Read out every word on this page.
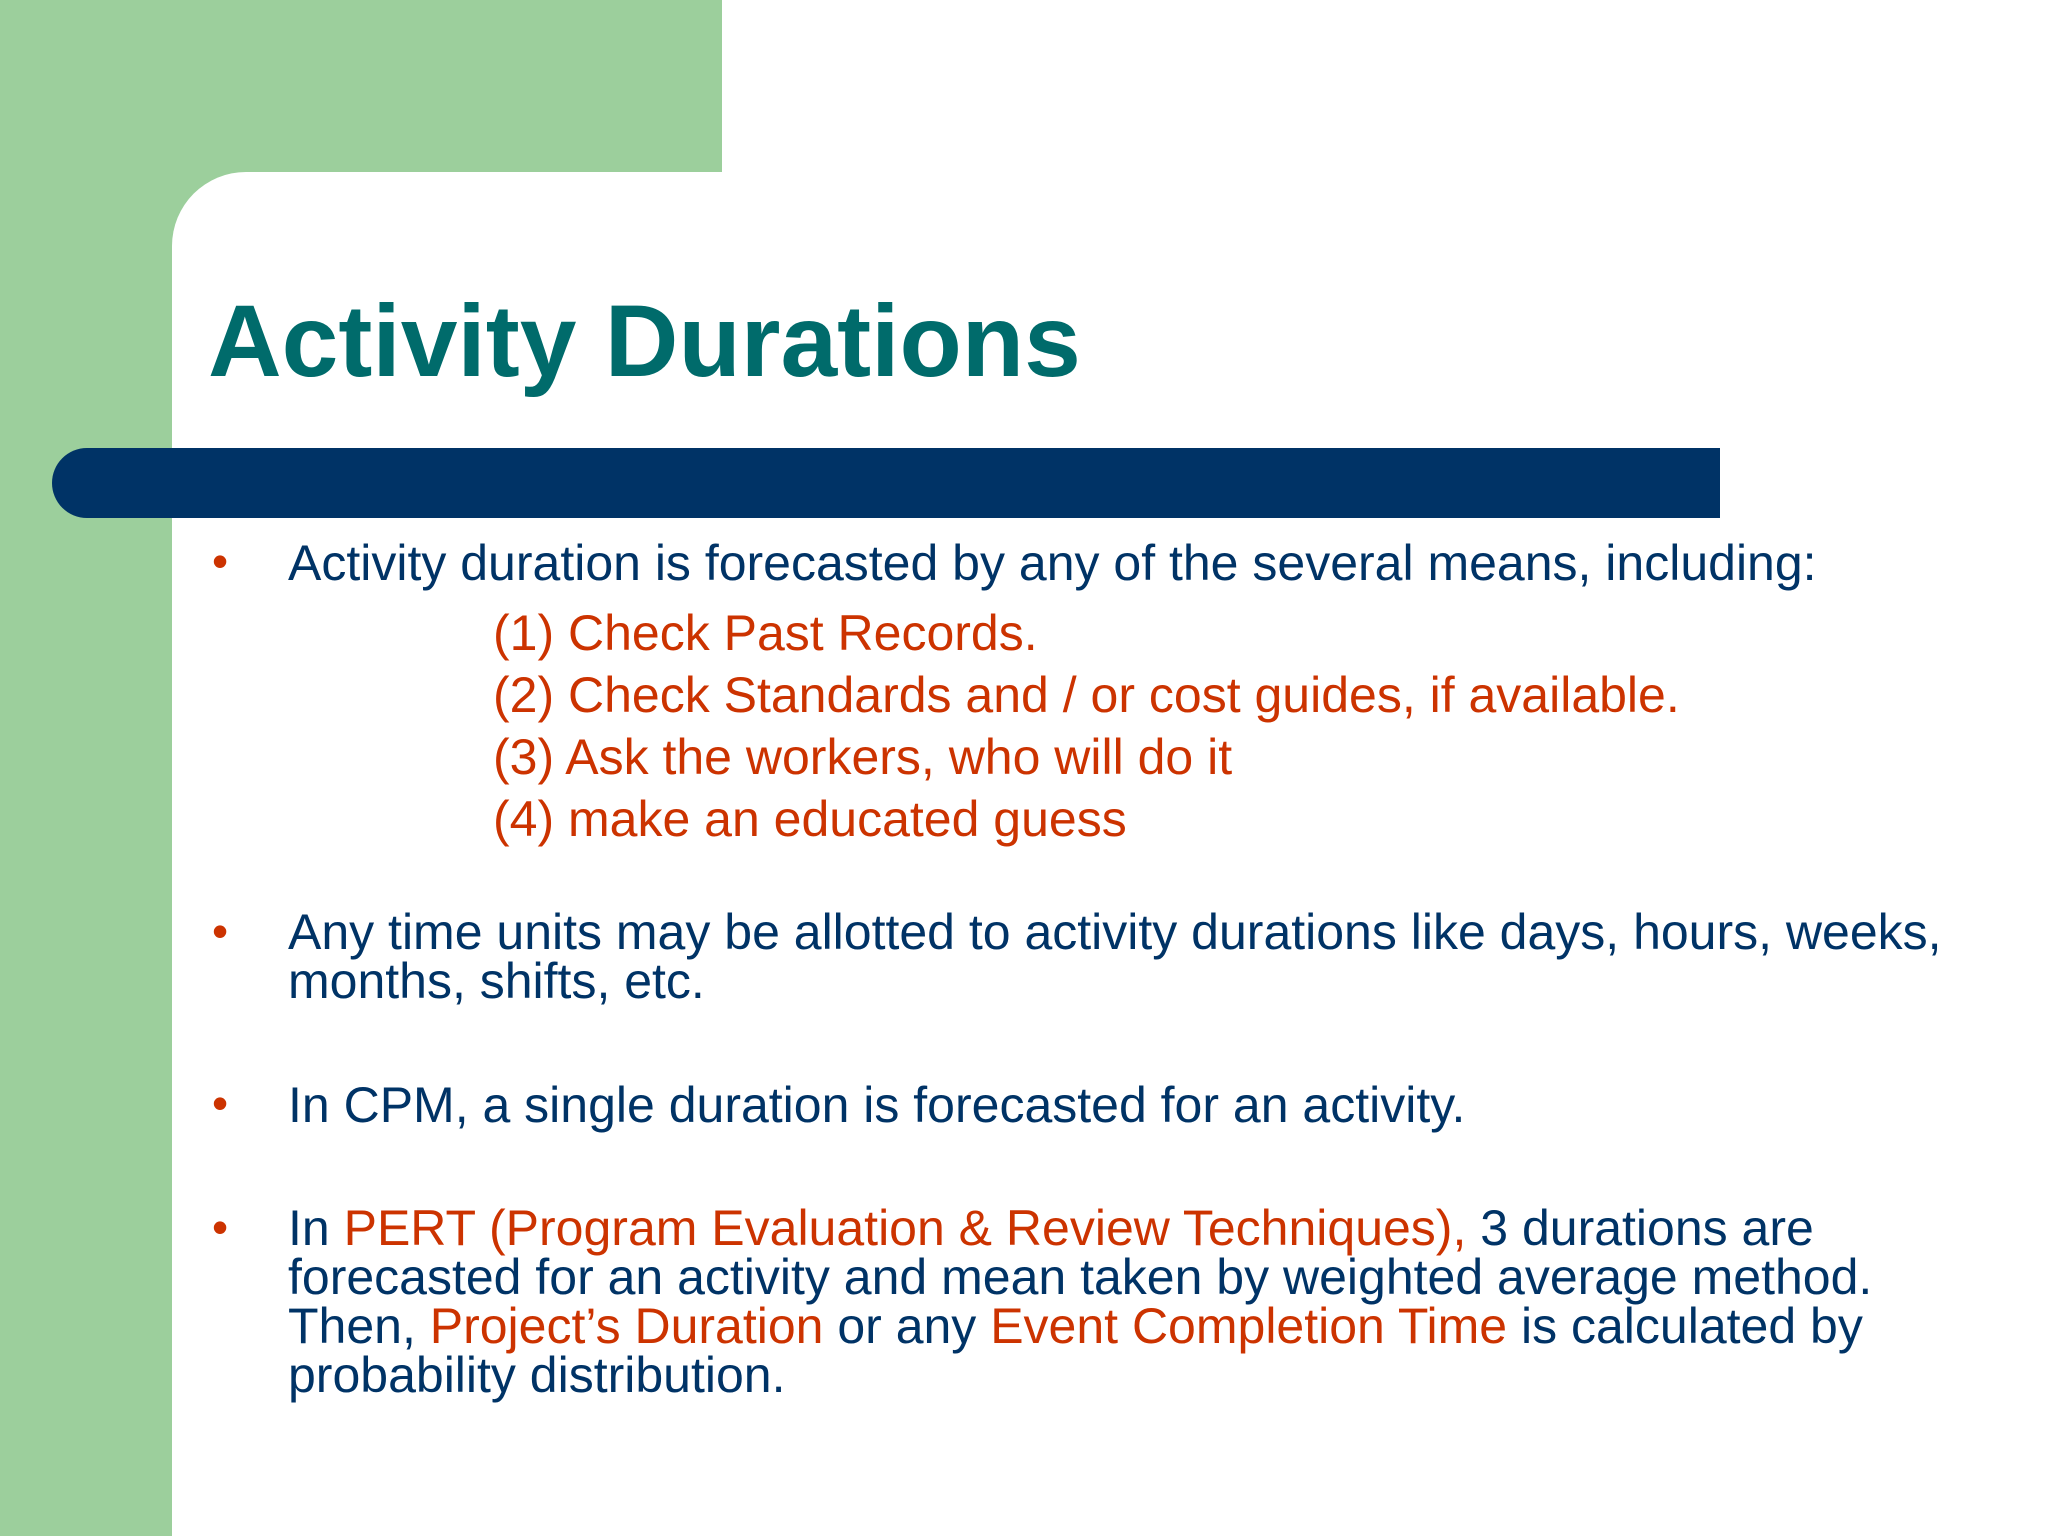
Activity Durations
• Activity duration is forecasted by any of the several means, including:
(1) Check Past Records.
(2) Check Standards and / or cost guides, if available.
(3) Ask the workers, who will do it
(4) make an educated guess
• Any time units may be allotted to activity durations like days, hours, weeks,
months, shifts, etc.
• In CPM, a single duration is forecasted for an activity.
• In PERT (Program Evaluation & Review Techniques), 3 durations are
forecasted for an activity and mean taken by weighted average method.
Then, Project’s Duration or any Event Completion Time is calculated by
probability distribution.
